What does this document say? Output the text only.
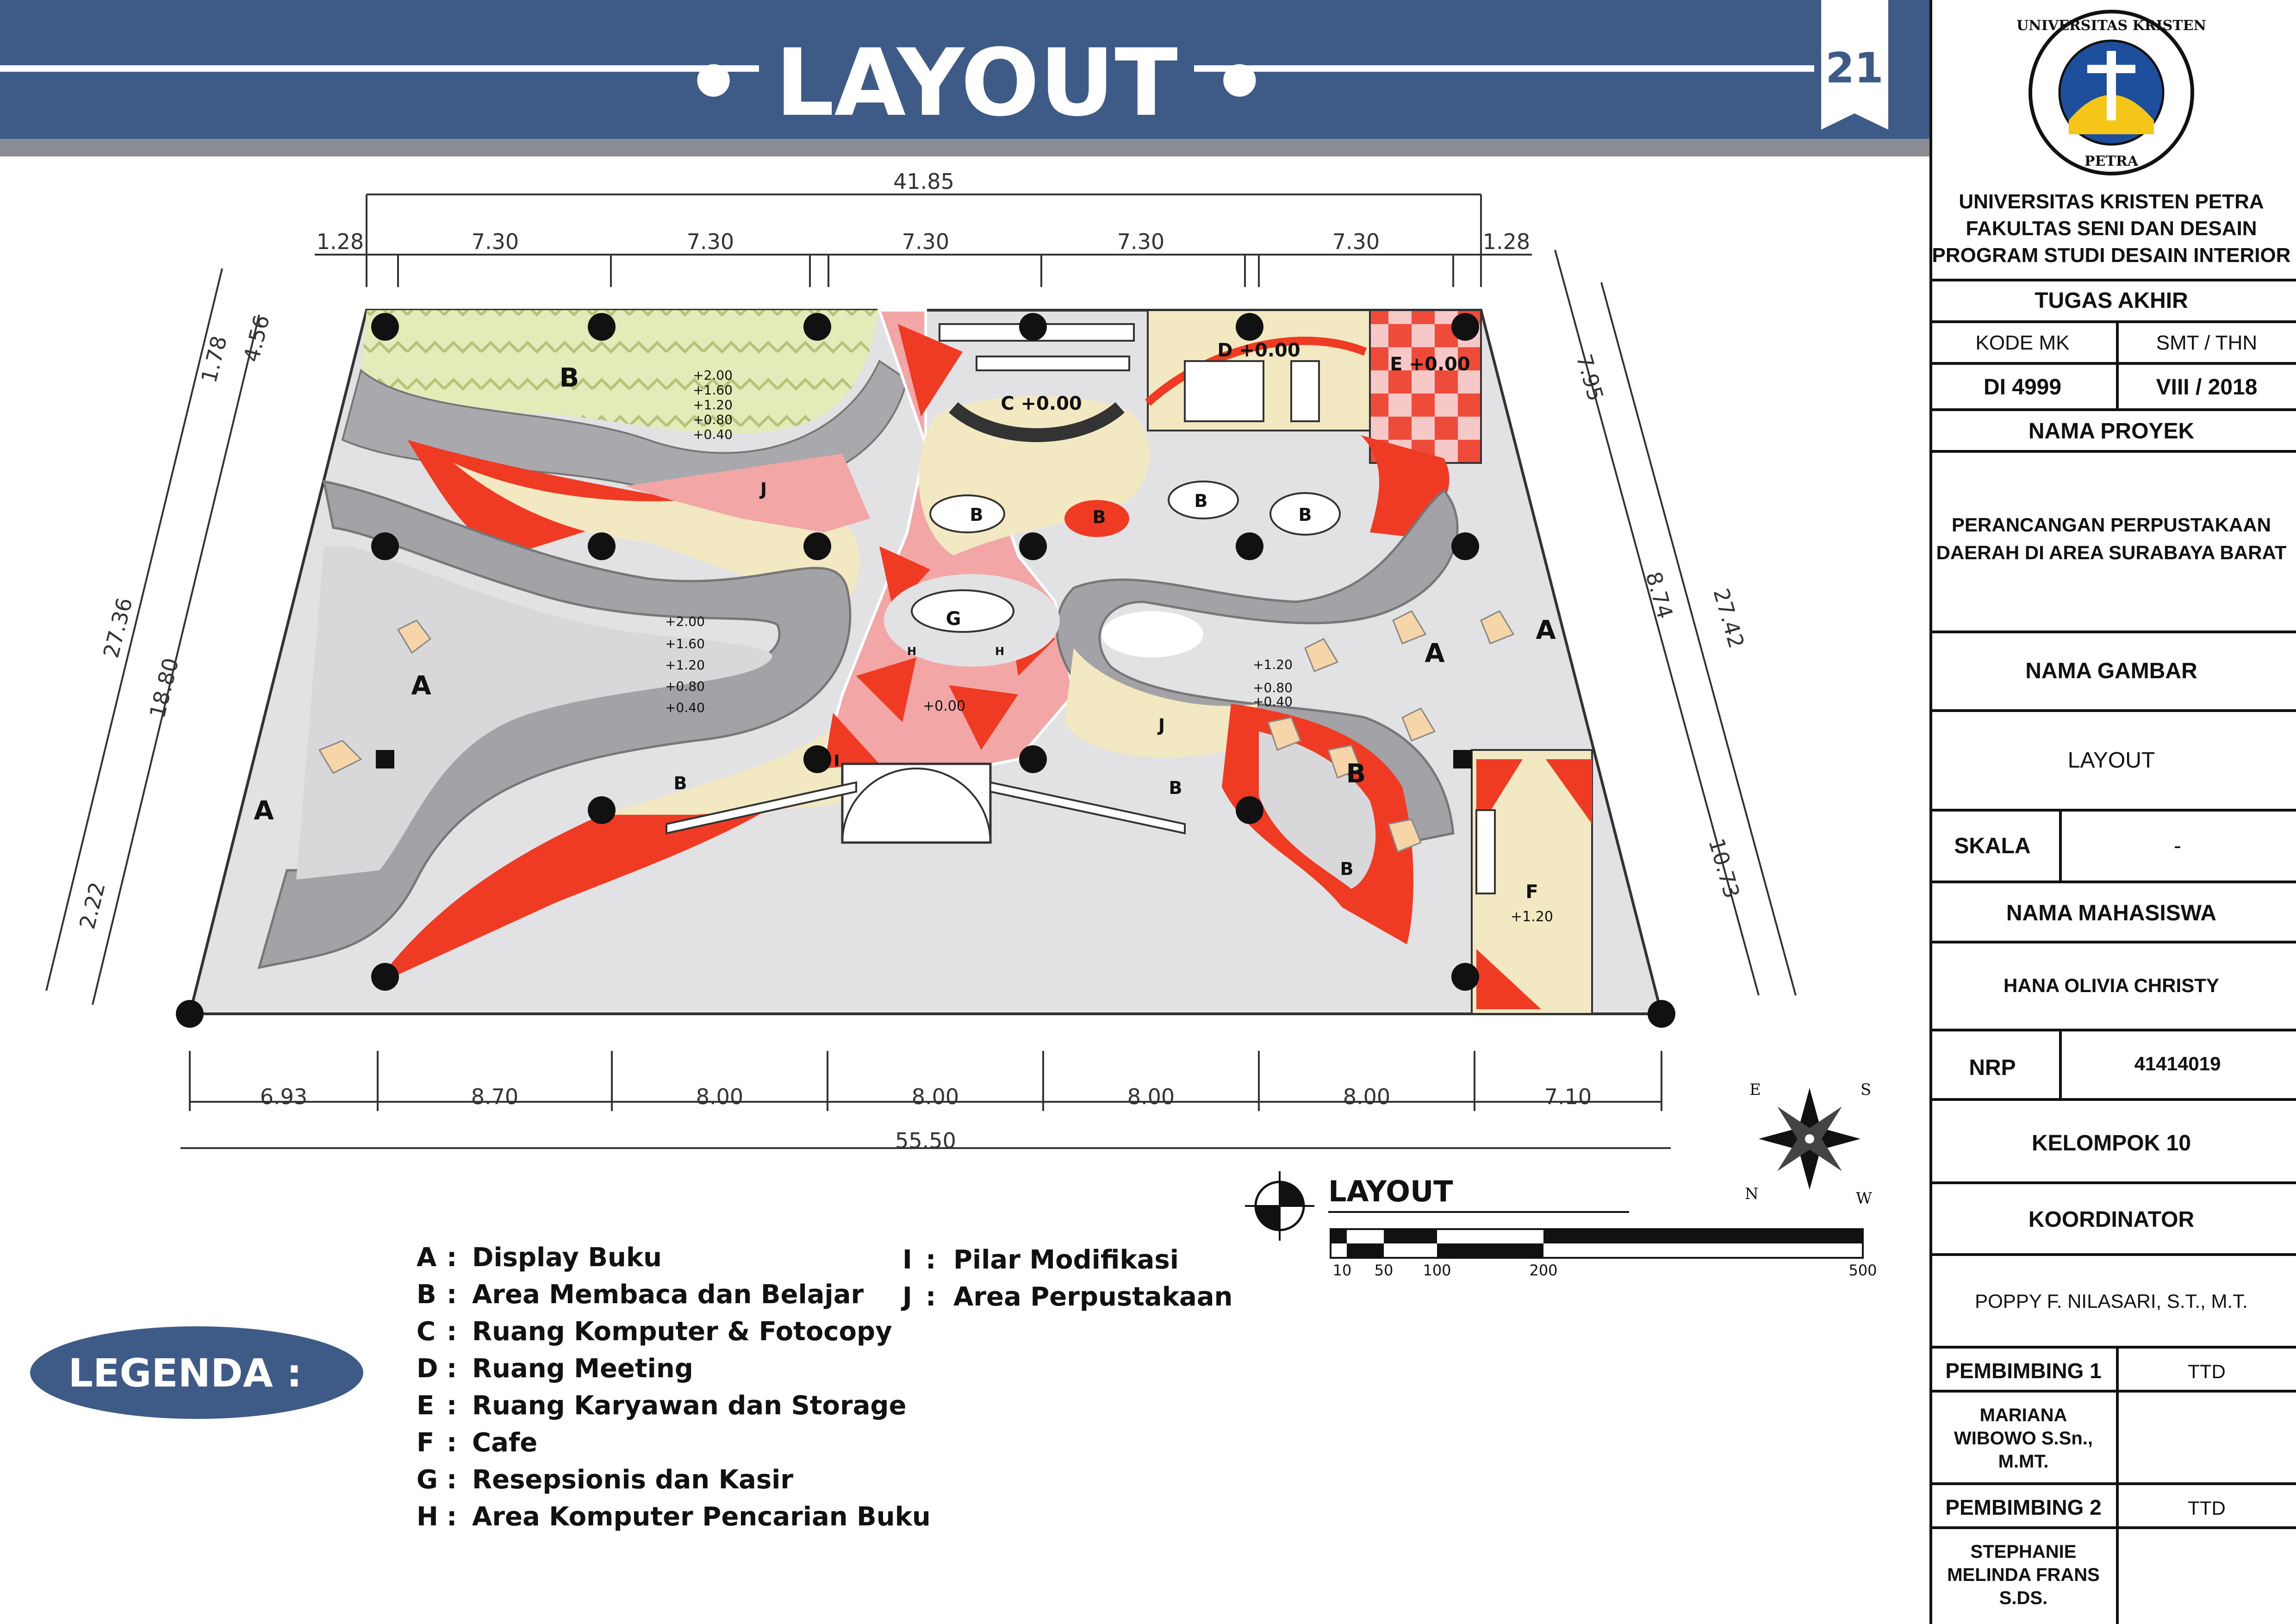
• LAYOUT •	21
B
A
A
A
A
B	B	B
B
B	B
B
B
C +0.00
D +0.00
E +0.00
F
+1.20
G
H	H
J
J
I
+0.00
+2.00
+1.60
+1.20
+0.80
+0.40
+2.00
+1.60
+1.20
+0.80
+0.40
+1.20
+0.80
+0.40
41.85
1.28	7.30	7.30	7.30	7.30	7.30	1.28
6.93	8.70	8.00	8.00	8.00	8.00	7.10
55.50
27.36
1.78 4.56
18.80
2.22
27.42
7.95
8.74
10.73
E	S
N	W
LAYOUT
10 50 100	200	500
LEGENDA :
A : Display Buku
B : Area Membaca dan Belajar
C : Ruang Komputer & Fotocopy
D : Ruang Meeting
E : Ruang Karyawan dan Storage
F : Cafe
G : Resepsionis dan Kasir
H : Area Komputer Pencarian Buku
I : Pilar Modifikasi
J : Area Perpustakaan
UNIVERSITAS KRISTEN
PETRA
UNIVERSITAS KRISTEN PETRA
FAKULTAS SENI DAN DESAIN
PROGRAM STUDI DESAIN INTERIOR
TUGAS AKHIR
KODE MK	SMT / THN
DI 4999	VIII / 2018
NAMA PROYEK
PERANCANGAN PERPUSTAKAAN
DAERAH DI AREA SURABAYA BARAT
NAMA GAMBAR
LAYOUT
SKALA	-
NAMA MAHASISWA
HANA OLIVIA CHRISTY
NRP	41414019
KELOMPOK 10
KOORDINATOR
POPPY F. NILASARI, S.T., M.T.
PEMBIMBING 1	TTD
MARIANA
WIBOWO S.Sn.,
M.MT.
PEMBIMBING 2	TTD
STEPHANIE
MELINDA FRANS
S.DS.
